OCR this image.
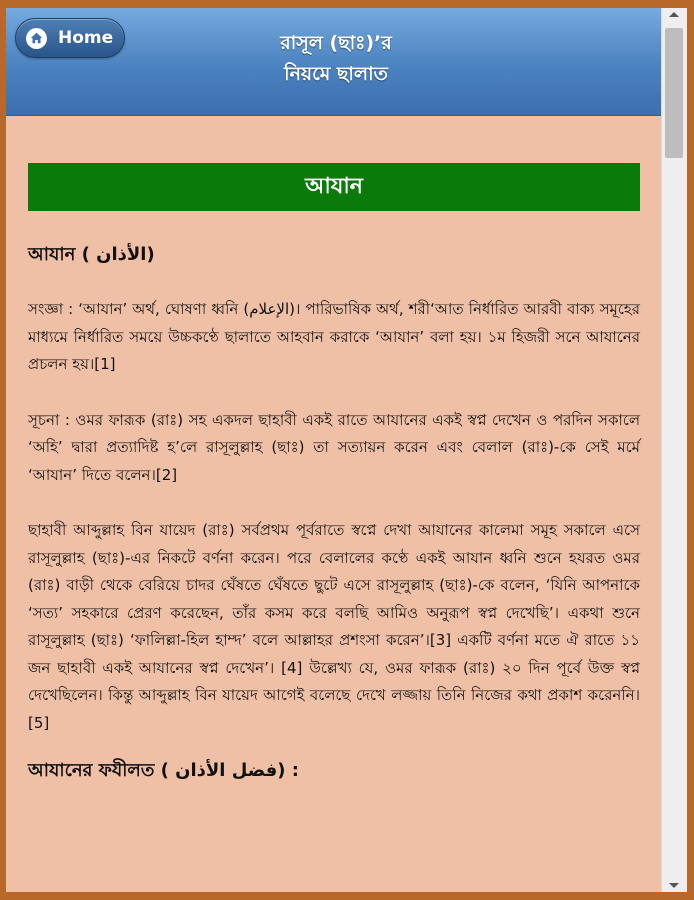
Home	রাসূল (ছাঃ)’র
নিয়মে ছালাত
আযান
আযান ( الأذان)

সংজ্ঞা : ‘আযান’ অর্থ, ঘোষণা ধ্বনি (الإعلام)। পারিভাষিক অর্থ, শরী‘আত নির্ধারিত আরবী বাক্য সমূহের মাধ্যমে নির্ধারিত সময়ে উচ্চকণ্ঠে ছালাতে আহবান করাকে ‘আযান’ বলা হয়। ১ম হিজরী সনে আযানের প্রচলন হয়।[1]

সূচনা : ওমর ফারূক (রাঃ) সহ একদল ছাহাবী একই রাতে আযানের একই স্বপ্ন দেখেন ও পরদিন সকালে ‘অহি’ দ্বারা প্রত্যাদিষ্ট হ’লে রাসূলুল্লাহ (ছাঃ) তা সত্যায়ন করেন এবং বেলাল (রাঃ)-কে সেই মর্মে ‘আযান’ দিতে বলেন।[2]

ছাহাবী আব্দুল্লাহ বিন যায়েদ (রাঃ) সর্বপ্রথম পূর্বরাতে স্বপ্নে দেখা আযানের কালেমা সমূহ সকালে এসে রাসূলুল্লাহ (ছাঃ)-এর নিকটে বর্ণনা করেন। পরে বেলালের কণ্ঠে একই আযান ধ্বনি শুনে হযরত ওমর (রাঃ) বাড়ী থেকে বেরিয়ে চাদর ঘেঁষতে ঘেঁষতে ছুটে এসে রাসূলুল্লাহ (ছাঃ)-কে বলেন, ‘যিনি আপনাকে ‘সত্য’ সহকারে প্রেরণ করেছেন, তাঁর কসম করে বলছি আমিও অনুরূপ স্বপ্ন দেখেছি’। একথা শুনে রাসূলুল্লাহ (ছাঃ) ‘ফালিল্লা-হিল হাম্দ’ বলে আল্লাহর প্রশংসা করেন’।[3] একটি বর্ণনা মতে ঐ রাতে ১১ জন ছাহাবী একই আযানের স্বপ্ন দেখেন’। [4] উল্লেখ্য যে, ওমর ফারূক (রাঃ) ২০ দিন পূর্বে উক্ত স্বপ্ন দেখেছিলেন। কিন্তু আব্দুল্লাহ বিন যায়েদ আগেই বলেছে দেখে লজ্জায় তিনি নিজের কথা প্রকাশ করেননি।[5]

আযানের ফযীলত ( فضل الأذان) :
